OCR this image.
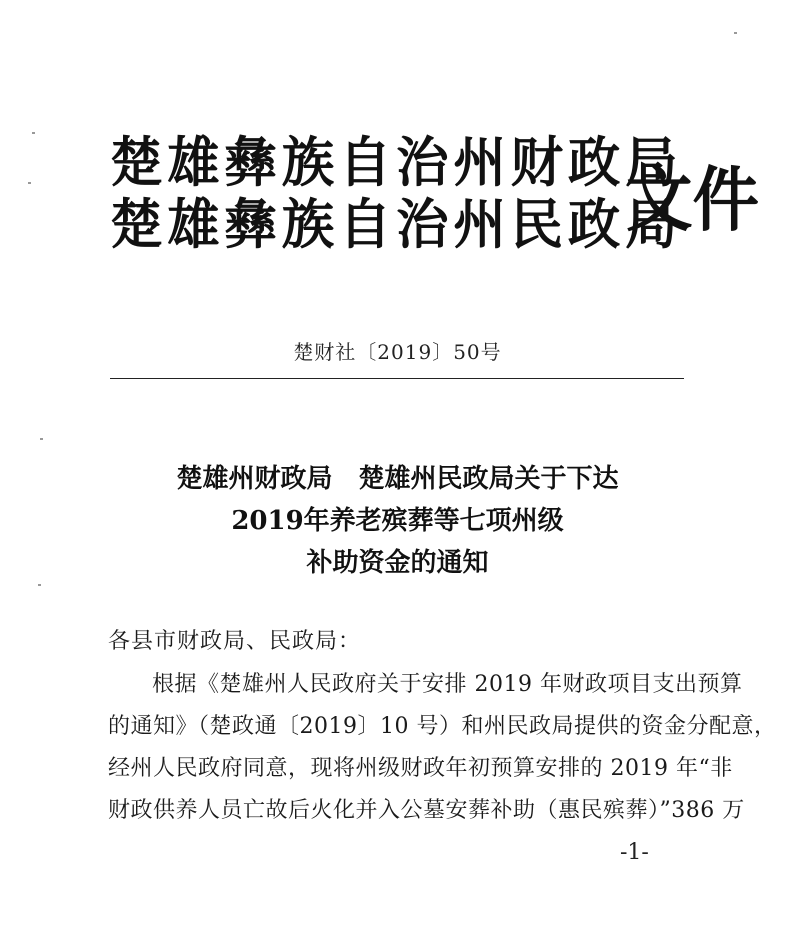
楚雄彝族自治州财政局
楚雄彝族自治州民政局
文件
楚财社〔2019〕50号
楚雄州财政局　楚雄州民政局关于下达
2019年养老殡葬等七项州级
补助资金的通知
各县市财政局、民政局：
根据《楚雄州人民政府关于安排 2019 年财政项目支出预算
的通知》（楚政通〔2019〕10 号）和州民政局提供的资金分配意，
经州人民政府同意，现将州级财政年初预算安排的 2019 年“非
财政供养人员亡故后火化并入公墓安葬补助（惠民殡葬）”386 万
-1-
